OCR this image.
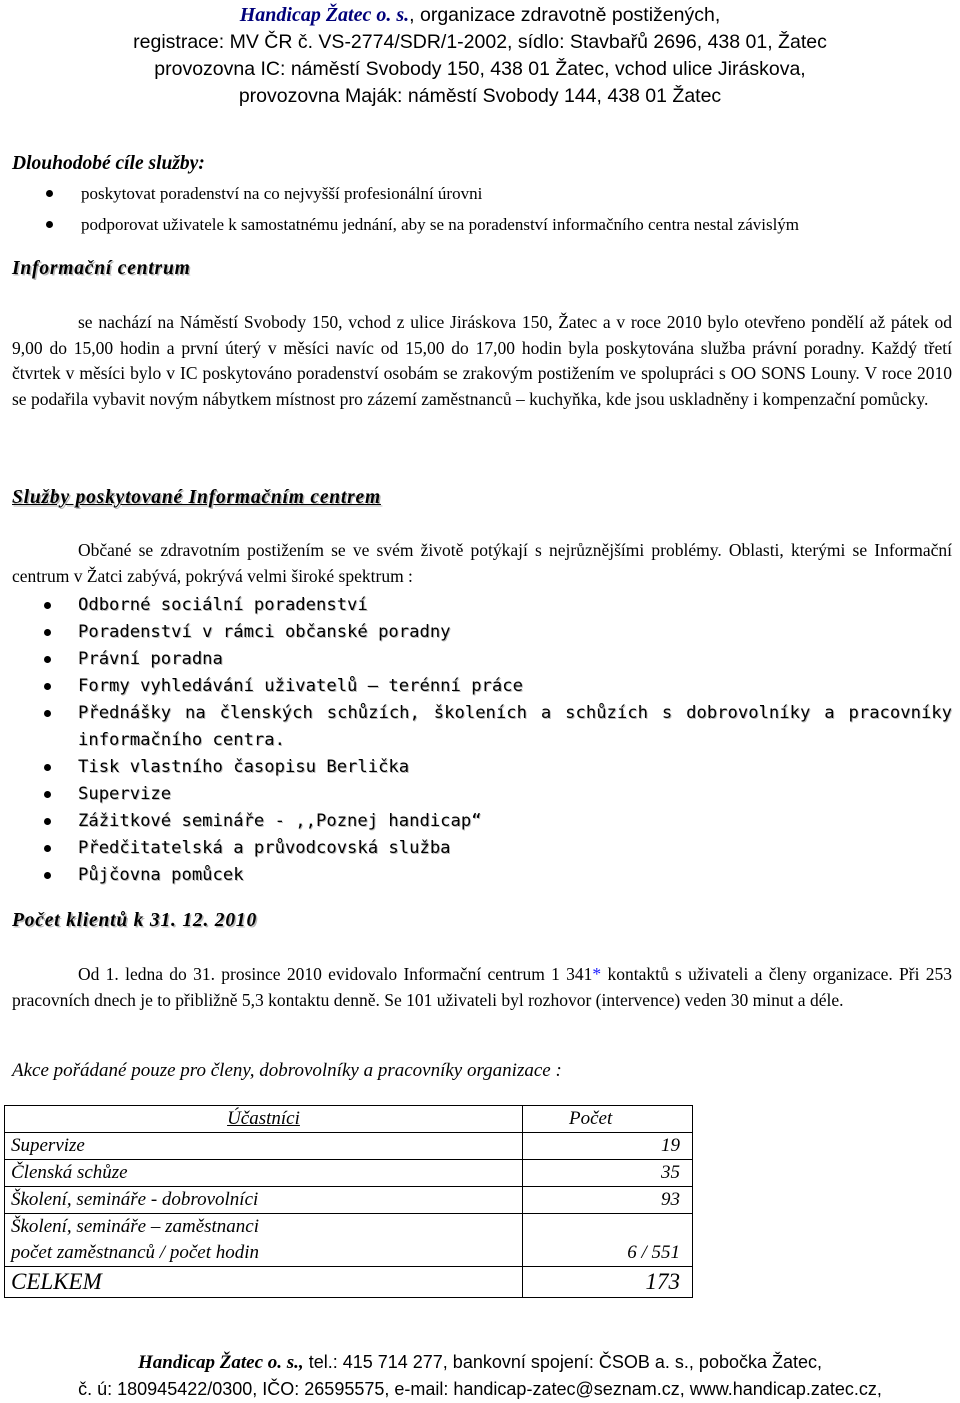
Handicap Žatec o. s., organizace zdravotně postižených,
registrace: MV ČR č. VS-2774/SDR/1-2002, sídlo: Stavbařů 2696, 438 01, Žatec
provozovna IC: náměstí Svobody 150, 438 01 Žatec, vchod ulice Jiráskova,
provozovna Maják: náměstí Svobody 144, 438 01 Žatec
Dlouhodobé cíle služby:
poskytovat poradenství na co nejvyšší profesionální úrovni
podporovat uživatele k samostatnému jednání, aby se na poradenství informačního centra nestal závislým
Informační centrum
se nachází na Náměstí Svobody 150, vchod z ulice Jiráskova 150, Žatec a v roce 2010 bylo otevřeno pondělí až pátek od 9,00 do 15,00 hodin a první úterý v měsíci navíc od 15,00 do 17,00 hodin byla poskytována služba právní poradny. Každý třetí čtvrtek v měsíci bylo v IC poskytováno poradenství osobám se zrakovým postižením ve spolupráci s OO SONS Louny. V roce 2010 se podařila vybavit novým nábytkem místnost pro zázemí zaměstnanců – kuchyňka, kde jsou uskladněny i kompenzační pomůcky.
Služby poskytované Informačním centrem
Občané se zdravotním postižením se ve svém životě potýkají s nejrůznějšími problémy. Oblasti, kterými se Informační centrum v Žatci zabývá, pokrývá velmi široké spektrum :
Odborné sociální poradenství
Poradenství v rámci občanské poradny
Právní poradna
Formy vyhledávání uživatelů – terénní práce
Přednášky na členských schůzích, školeních a schůzích s dobrovolníky a pracovníky informačního centra.
Tisk vlastního časopisu Berlička
Supervize
Zážitkové semináře - ,,Poznej handicap“
Předčitatelská a průvodcovská služba
Půjčovna pomůcek
Počet klientů k 31. 12. 2010
Od 1. ledna do 31. prosince 2010 evidovalo Informační centrum 1 341* kontaktů s uživateli a členy organizace. Při 253 pracovních dnech je to přibližně 5,3 kontaktu denně. Se 101 uživateli byl rozhovor (intervence) veden 30 minut a déle.
Akce pořádané pouze pro členy, dobrovolníky a pracovníky organizace :
Účastníci	Počet
Supervize	19
Členská schůze	35
Školení, semináře - dobrovolníci	93

Školení, semináře – zaměstnanci
počet zaměstnanců / počet hodin	6 / 551
CELKEM	173
Handicap Žatec o. s., tel.: 415 714 277, bankovní spojení: ČSOB a. s., pobočka Žatec,
č. ú: 180945422/0300, IČO: 26595575, e-mail: handicap-zatec@seznam.cz, www.handicap.zatec.cz,
